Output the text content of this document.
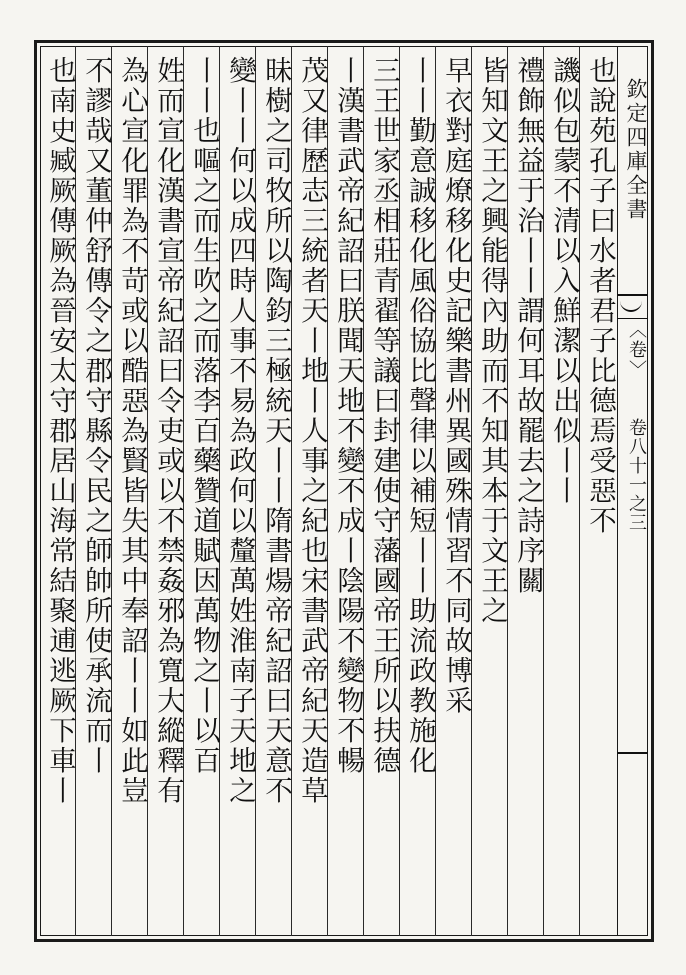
欽定四庫全書
〈卷〉
卷八十一之三
也說苑孔子曰水者君子比德焉受惡不
譏似包蒙不清以入鮮潔以出似丨丨
禮飾無益于治丨丨謂何耳故罷去之詩序關
皆知文王之興能得內助而不知其本于文王之
早衣對庭燎移化史記樂書州異國殊情習不同故博采
丨丨勤意誠移化風俗協比聲律以補短丨丨助流政教施化
三王世家丞相莊青翟等議曰封建使守藩國帝王所以扶德
丨漢書武帝紀詔曰朕聞天地不變不成丨陰陽不變物不暢
茂又律歷志三統者天丨地丨人事之紀也宋書武帝紀天造草
昧樹之司牧所以陶鈞三極統天丨丨隋書煬帝紀詔曰天意不
變丨丨何以成四時人事不易為政何以釐萬姓淮南子天地之
丨丨也嘔之而生吹之而落李百藥贊道賦因萬物之丨以百
姓而宣化漢書宣帝紀詔曰令吏或以不禁姦邪為寬大縱釋有
為心宣化罪為不苛或以酷惡為賢皆失其中奉詔丨丨如此豈
不謬哉又董仲舒傳令之郡守縣令民之師帥所使承流而丨
也南史臧厥傳厥為晉安太守郡居山海常結聚逋逃厥下車丨
